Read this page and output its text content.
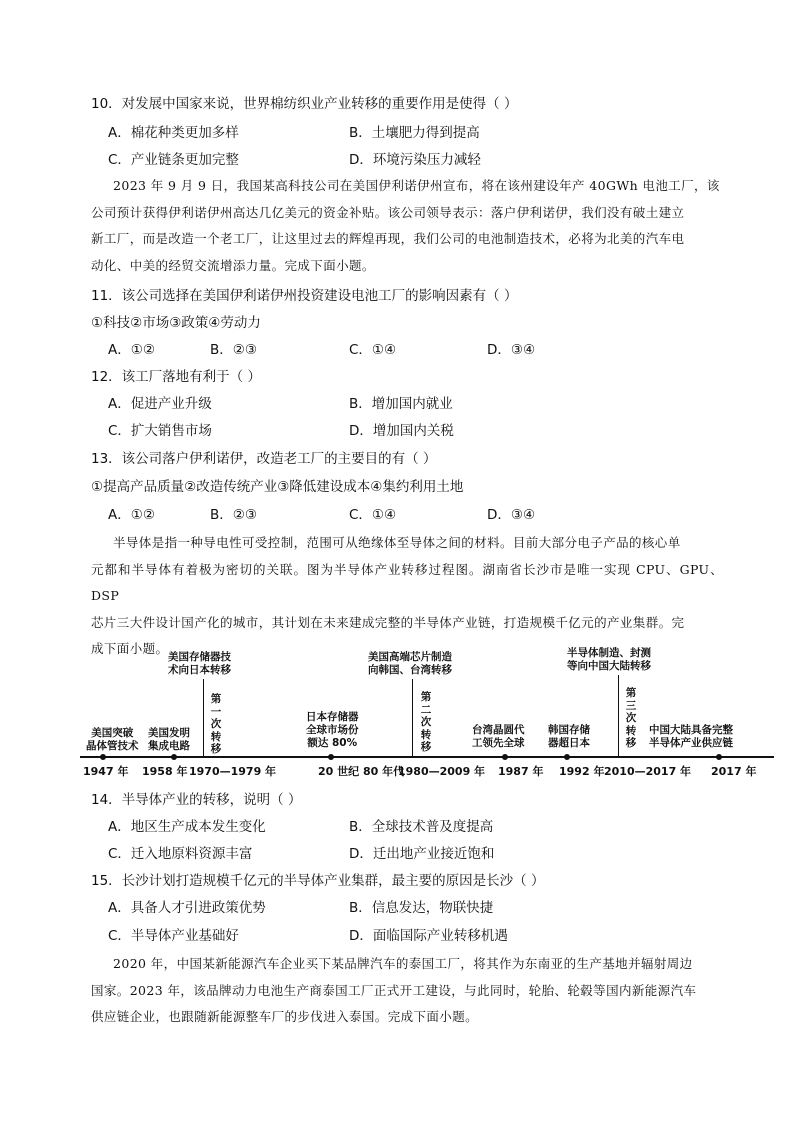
10．对发展中国家来说，世界棉纺织业产业转移的重要作用是使得（ ）
A．棉花种类更加多样	B．土壤肥力得到提高
C．产业链条更加完整	D．环境污染压力减轻
2023 年 9 月 9 日，我国某高科技公司在美国伊利诺伊州宣布，将在该州建设年产 40GWh 电池工厂，该
公司预计获得伊利诺伊州高达几亿美元的资金补贴。该公司领导表示：落户伊利诺伊，我们没有破土建立
新工厂，而是改造一个老工厂，让这里过去的辉煌再现，我们公司的电池制造技术，必将为北美的汽车电
动化、中美的经贸交流增添力量。完成下面小题。
11．该公司选择在美国伊利诺伊州投资建设电池工厂的影响因素有（ ）
①科技②市场③政策④劳动力
A．①②	B．②③	C．①④	D．③④
12．该工厂落地有利于（ ）
A．促进产业升级	B．增加国内就业
C．扩大销售市场	D．增加国内关税
13．该公司落户伊利诺伊，改造老工厂的主要目的有（ ）
①提高产品质量②改造传统产业③降低建设成本④集约利用土地
A．①②	B．②③	C．①④	D．③④
半导体是指一种导电性可受控制，范围可从绝缘体至导体之间的材料。目前大部分电子产品的核心单
元都和半导体有着极为密切的关联。图为半导体产业转移过程图。湖南省长沙市是唯一实现 CPU、GPU、DSP
芯片三大件设计国产化的城市，其计划在未来建成完整的半导体产业链，打造规模千亿元的产业集群。完
成下面小题。
美国存储器技
术向日本转移
美国高端芯片制造
向韩国、台湾转移
半导体制造、封测
等向中国大陆转移
第一次转移
第二次转移
第三次转移
美国突破
晶体管技术
美国发明
集成电路
日本存储器
全球市场份
额达 80%
台湾晶圆代
工领先全球
韩国存储
器超日本
中国大陆具备完整
半导体产业供应链
1947 年 1958 年 1970—1979 年	20 世纪 80 年代
1980—2009 年 1987 年 1992 年 2010—2017 年 2017 年
14．半导体产业的转移，说明（ ）
A．地区生产成本发生变化	B．全球技术普及度提高
C．迁入地原料资源丰富	D．迁出地产业接近饱和
15．长沙计划打造规模千亿元的半导体产业集群，最主要的原因是长沙（ ）
A．具备人才引进政策优势	B．信息发达，物联快捷
C．半导体产业基础好	D．面临国际产业转移机遇
2020 年，中国某新能源汽车企业买下某品牌汽车的泰国工厂，将其作为东南亚的生产基地并辐射周边
国家。2023 年，该品牌动力电池生产商泰国工厂正式开工建设，与此同时，轮胎、轮毂等国内新能源汽车
供应链企业，也跟随新能源整车厂的步伐进入泰国。完成下面小题。
